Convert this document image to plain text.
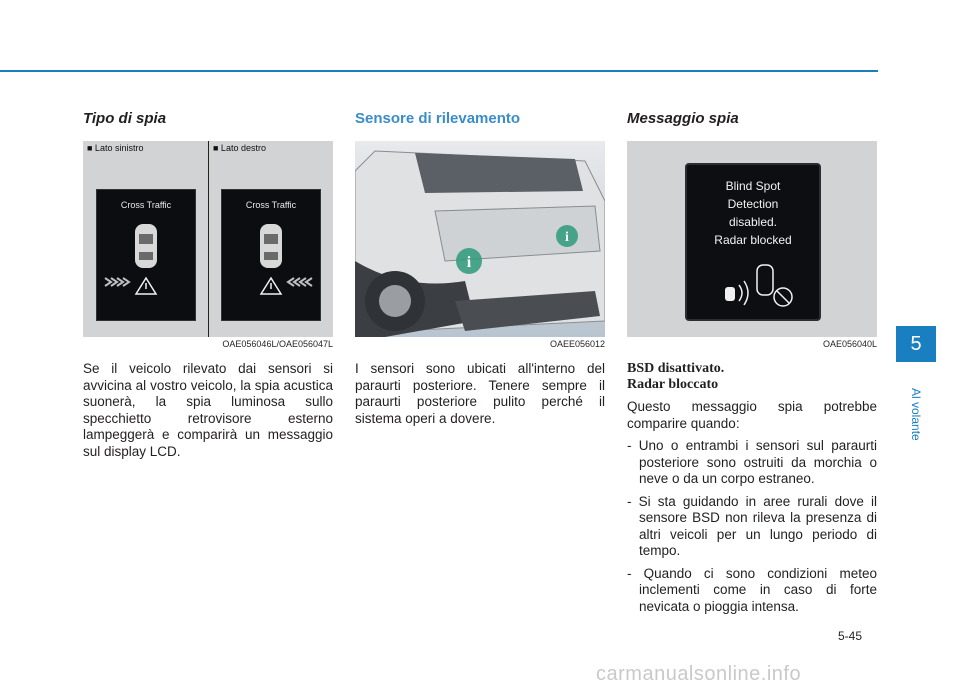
Tipo di spia
■ Lato sinistro	■ Lato destro
Cross Traffic	Cross Traffic
OAE056046L/OAE056047L

Se il veicolo rilevato dai sensori si avvicina al vostro veicolo, la spia acustica suonerà, la spia luminosa sullo specchietto retrovisore esterno lampeggerà e comparirà un messaggio sul display LCD.

Sensore di rilevamento
i
i
OAEE056012

I sensori sono ubicati all'interno del paraurti posteriore. Tenere sempre il paraurti posteriore pulito perché il sistema operi a dovere.

Messaggio spia
Blind Spot
Detection
disabled.
Radar blocked
OAE056040L
BSD disattivato.
Radar bloccato

Questo messaggio spia potrebbe comparire quando:

- Uno o entrambi i sensori sul paraurti posteriore sono ostruiti da morchia o neve o da un corpo estraneo.

- Si sta guidando in aree rurali dove il sensore BSD non rileva la presenza di altri veicoli per un lungo periodo di tempo.

- Quando ci sono condizioni meteo inclementi come in caso di forte nevicata o pioggia intensa.

5
Al volante
5-45
carmanualsonline.info
